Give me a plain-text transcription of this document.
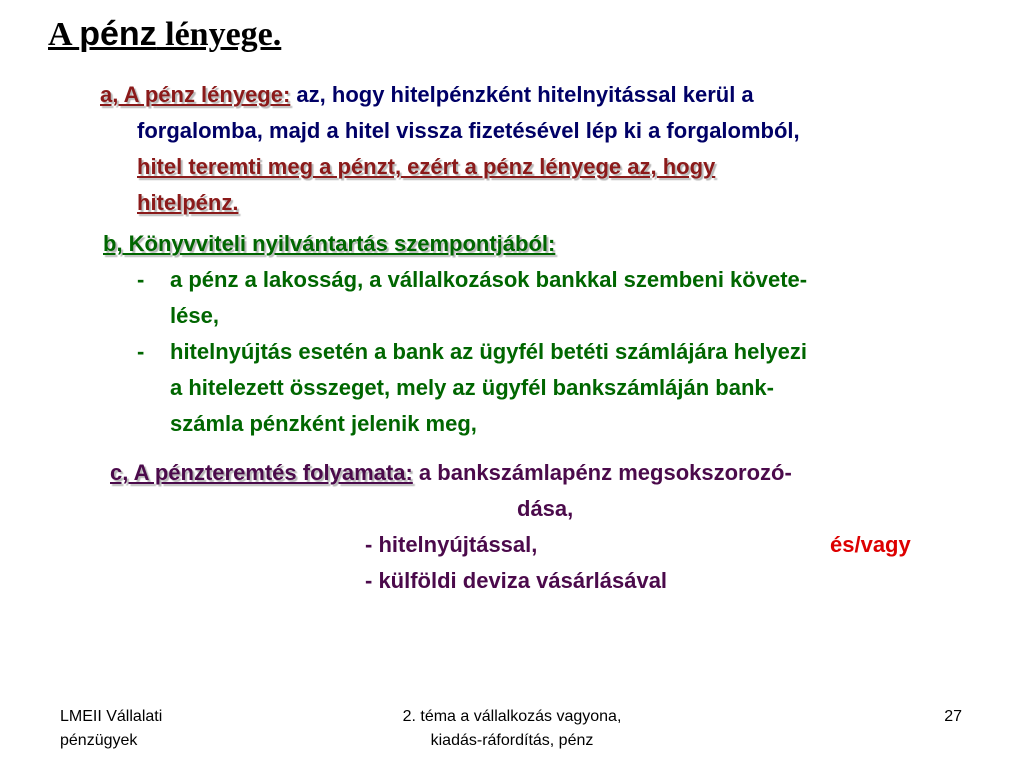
A pénz lényege.
a, A pénz lényege: az, hogy hitelpénzként hitelnyitással kerül a
forgalomba, majd a hitel vissza fizetésével lép ki a forgalomból,
hitel teremti meg a pénzt, ezért a pénz lényege az, hogy
hitelpénz.
b, Könyvviteli nyilvántartás szempontjából:
- a pénz a lakosság, a vállalkozások bankkal szembeni követe-
lése,
- hitelnyújtás esetén a bank az ügyfél betéti számlájára helyezi
a hitelezett összeget, mely az ügyfél bankszámláján bank-
számla pénzként jelenik meg,
c, A pénzteremtés folyamata: a bankszámlapénz megsokszorozó-
dása,
- hitelnyújtással,	és/vagy
- külföldi deviza vásárlásával
LMEII Vállalati
pénzügyek
2. téma a vállalkozás vagyona,
kiadás-ráfordítás, pénz
27
